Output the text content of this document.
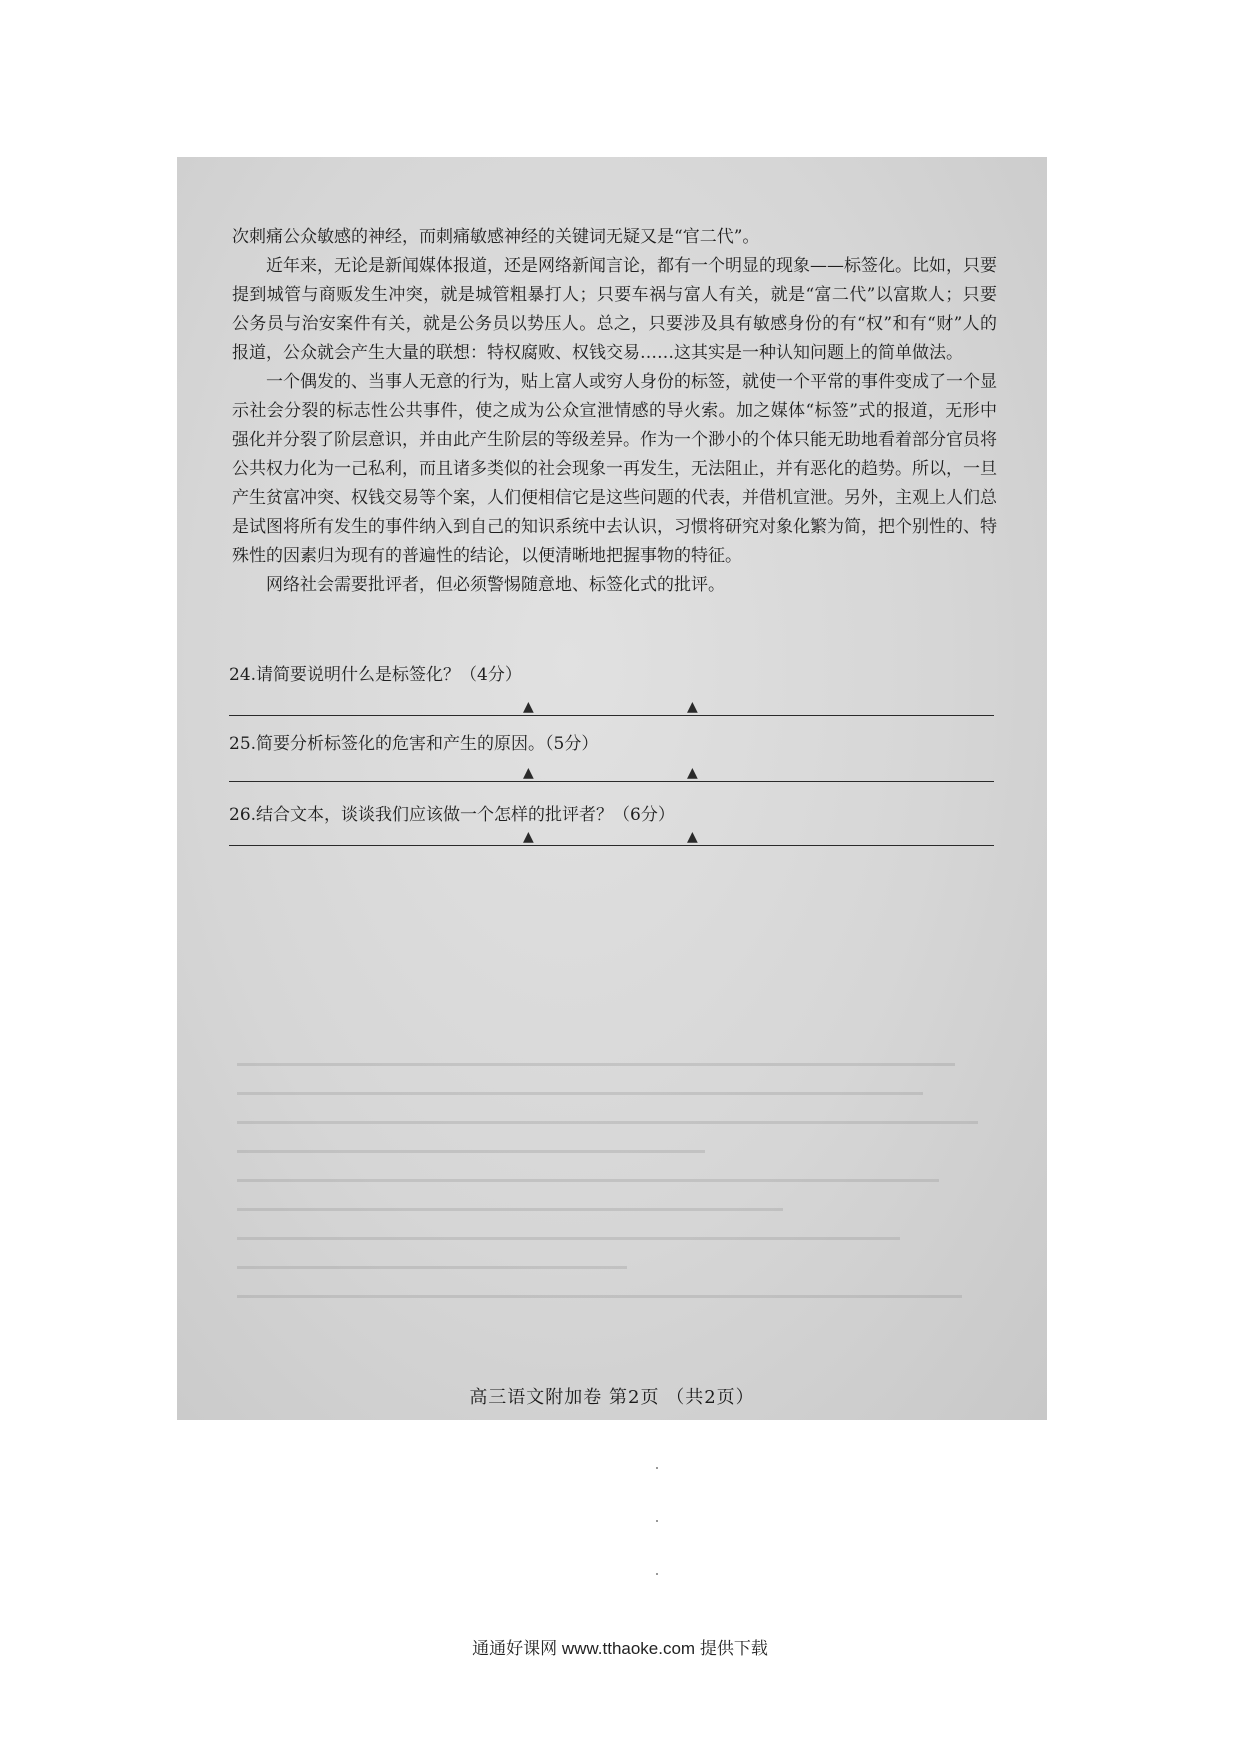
次刺痛公众敏感的神经，而刺痛敏感神经的关键词无疑又是“官二代”。

近年来，无论是新闻媒体报道，还是网络新闻言论，都有一个明显的现象——标签化。比如，只要提到城管与商贩发生冲突，就是城管粗暴打人；只要车祸与富人有关，就是“富二代”以富欺人；只要公务员与治安案件有关，就是公务员以势压人。总之，只要涉及具有敏感身份的有“权”和有“财”人的报道，公众就会产生大量的联想：特权腐败、权钱交易……这其实是一种认知问题上的简单做法。

一个偶发的、当事人无意的行为，贴上富人或穷人身份的标签，就使一个平常的事件变成了一个显示社会分裂的标志性公共事件，使之成为公众宣泄情感的导火索。加之媒体“标签”式的报道，无形中强化并分裂了阶层意识，并由此产生阶层的等级差异。作为一个渺小的个体只能无助地看着部分官员将公共权力化为一己私利，而且诸多类似的社会现象一再发生，无法阻止，并有恶化的趋势。所以，一旦产生贫富冲突、权钱交易等个案，人们便相信它是这些问题的代表，并借机宣泄。另外，主观上人们总是试图将所有发生的事件纳入到自己的知识系统中去认识，习惯将研究对象化繁为简，把个别性的、特殊性的因素归为现有的普遍性的结论，以便清晰地把握事物的特征。

网络社会需要批评者，但必须警惕随意地、标签化式的批评。

24.请简要说明什么是标签化？（4分）

▲	▲

25.简要分析标签化的危害和产生的原因。（5分）

▲	▲

26.结合文本，谈谈我们应该做一个怎样的批评者？（6分）

▲	▲
高三语文附加卷 第2页 （共2页）
通通好课网 www.tthaoke.com 提供下载
